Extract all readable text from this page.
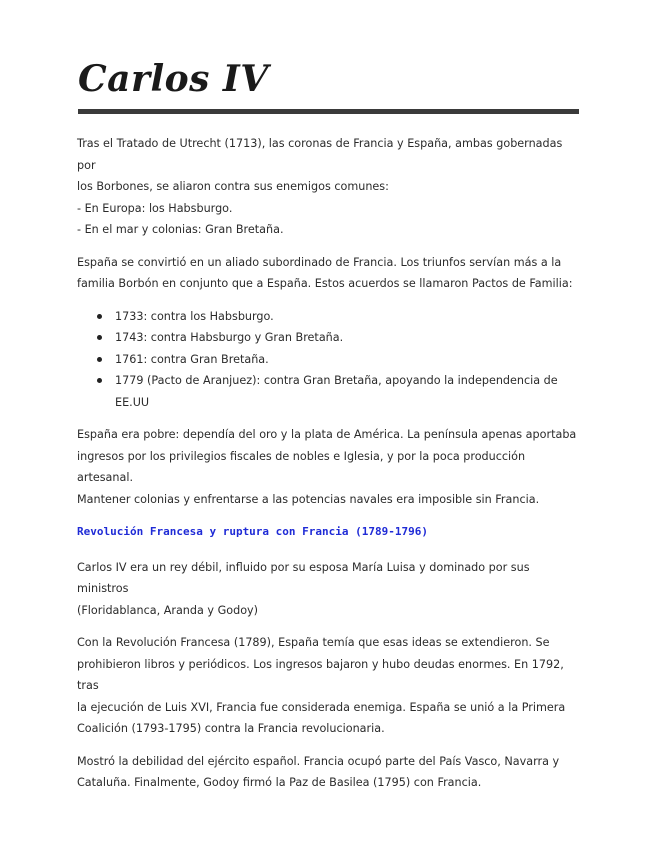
Carlos IV

Tras el Tratado de Utrecht (1713), las coronas de Francia y España, ambas gobernadas por
los Borbones, se aliaron contra sus enemigos comunes:
- En Europa: los Habsburgo.
- En el mar y colonias: Gran Bretaña.

España se convirtió en un aliado subordinado de Francia. Los triunfos servían más a la
familia Borbón en conjunto que a España. Estos acuerdos se llamaron Pactos de Familia:

1733: contra los Habsburgo.
1743: contra Habsburgo y Gran Bretaña.
1761: contra Gran Bretaña.
1779 (Pacto de Aranjuez): contra Gran Bretaña, apoyando la independencia de EE.UU

España era pobre: dependía del oro y la plata de América. La península apenas aportaba
ingresos por los privilegios fiscales de nobles e Iglesia, y por la poca producción artesanal.
Mantener colonias y enfrentarse a las potencias navales era imposible sin Francia.

Revolución Francesa y ruptura con Francia (1789-1796)

Carlos IV era un rey débil, influido por su esposa María Luisa y dominado por sus ministros
(Floridablanca, Aranda y Godoy)

Con la Revolución Francesa (1789), España temía que esas ideas se extendieron. Se
prohibieron libros y periódicos. Los ingresos bajaron y hubo deudas enormes. En 1792, tras
la ejecución de Luis XVI, Francia fue considerada enemiga. España se unió a la Primera
Coalición (1793-1795) contra la Francia revolucionaria.

Mostró la debilidad del ejército español. Francia ocupó parte del País Vasco, Navarra y
Cataluña. Finalmente, Godoy firmó la Paz de Basilea (1795) con Francia.
